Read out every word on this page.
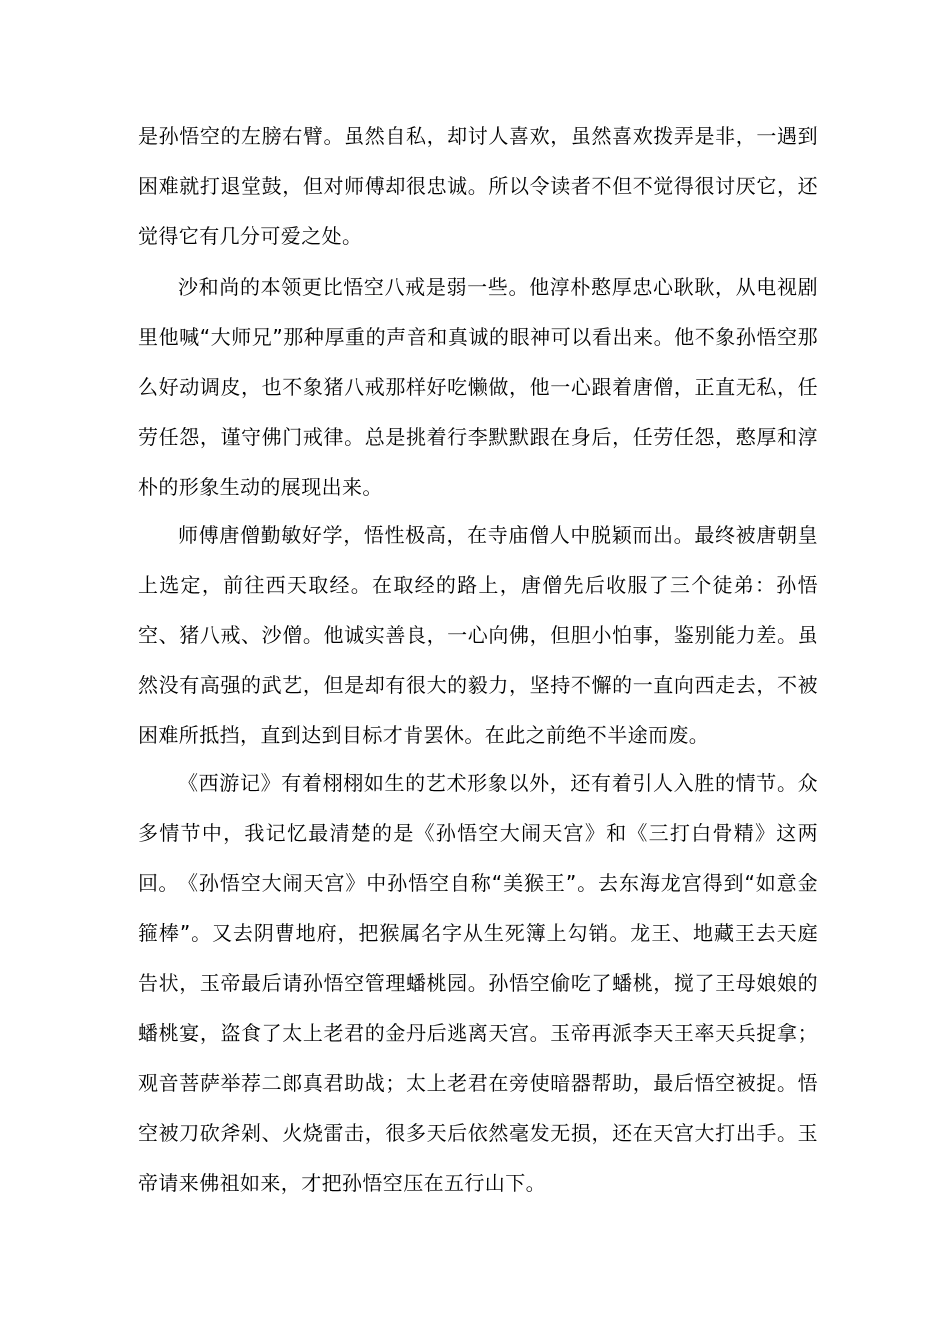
是孙悟空的左膀右臂。虽然自私，却讨人喜欢，虽然喜欢拨弄是非，一遇到困难就打退堂鼓，但对师傅却很忠诚。所以令读者不但不觉得很讨厌它，还觉得它有几分可爱之处。

沙和尚的本领更比悟空八戒是弱一些。他淳朴憨厚忠心耿耿，从电视剧里他喊“大师兄”那种厚重的声音和真诚的眼神可以看出来。他不象孙悟空那么好动调皮，也不象猪八戒那样好吃懒做，他一心跟着唐僧，正直无私，任劳任怨，谨守佛门戒律。总是挑着行李默默跟在身后，任劳任怨，憨厚和淳朴的形象生动的展现出来。

师傅唐僧勤敏好学，悟性极高，在寺庙僧人中脱颖而出。最终被唐朝皇上选定，前往西天取经。在取经的路上，唐僧先后收服了三个徒弟：孙悟空、猪八戒、沙僧。他诚实善良，一心向佛，但胆小怕事，鉴别能力差。虽然没有高强的武艺，但是却有很大的毅力，坚持不懈的一直向西走去，不被困难所抵挡，直到达到目标才肯罢休。在此之前绝不半途而废。

《西游记》有着栩栩如生的艺术形象以外，还有着引人入胜的情节。众多情节中，我记忆最清楚的是《孙悟空大闹天宫》和《三打白骨精》这两回。 《孙悟空大闹天宫》中孙悟空自称“美猴王”。去东海龙宫得到“如意金箍棒”。又去阴曹地府，把猴属名字从生死簿上勾销。龙王、地藏王去天庭告状，玉帝最后请孙悟空管理蟠桃园。孙悟空偷吃了蟠桃，搅了王母娘娘的蟠桃宴，盗食了太上老君的金丹后逃离天宫。玉帝再派李天王率天兵捉拿；观音菩萨举荐二郎真君助战；太上老君在旁使暗器帮助，最后悟空被捉。悟空被刀砍斧剁、火烧雷击，很多天后依然毫发无损，还在天宫大打出手。玉帝请来佛祖如来，才把孙悟空压在五行山下。
